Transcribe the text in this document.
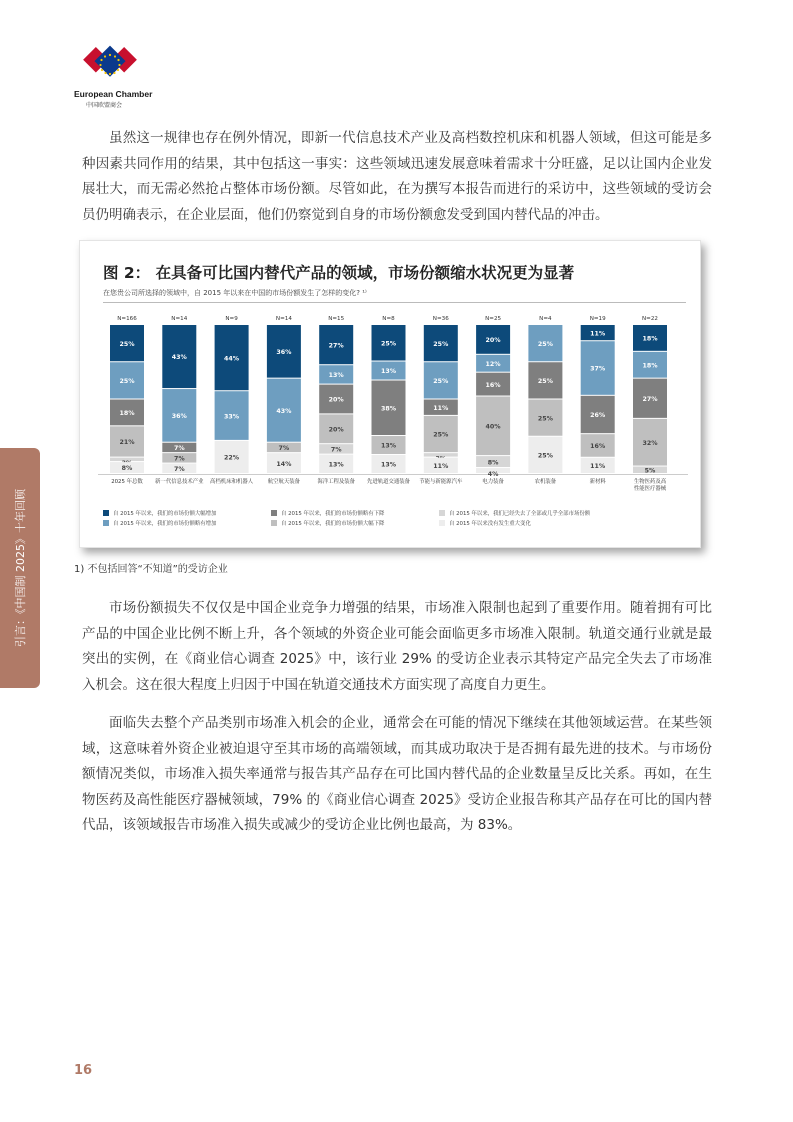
European Chamber
中国欧盟商会

虽然这一规律也存在例外情况，即新一代信息技术产业及高档数控机床和机器人领域，但这可能是多种因素共同作用的结果，其中包括这一事实：这些领域迅速发展意味着需求十分旺盛，足以让国内企业发展壮大，而无需必然抢占整体市场份额。尽管如此，在为撰写本报告而进行的采访中，这些领域的受访会员仍明确表示，在企业层面，他们仍察觉到自身的市场份额愈发受到国内替代品的冲击。

图 2： 在具备可比国内替代产品的领域，市场份额缩水状况更为显著
在您贵公司所选择的领域中，自 2015 年以来在中国的市场份额发生了怎样的变化? ¹⁾
25%
25%
18%
21%
8%
N=166
2025 年总数
43%
36%
7%
7%
7%
N=14
新一代信息技术产业
44%
33%
22%
N=9
高档机床和机器人
36%
43%
7%
14%
N=14
航空航天装备
27%
13%
20%
20%
7%
13%
N=15
海洋工程及装备
25%
13%
38%
13%
13%
N=8
先进轨道交通装备
25%
25%
11%
25%
11%
N=36
节能与新能源汽车
20%
12%
16%
40%
8%
4%
N=25
电力装备
25%
25%
25%
25%
N=4
农机装备
11%
37%
26%
16%
11%
N=19
新材料
18%
18%
27%
32%
5%
N=22
生物医药及高
性能医疗器械
自 2015 年以来，我们的市场份额大幅增加
自 2015 年以来，我们的市场份额略有增加
自 2015 年以来，我们的市场份额略有下降
自 2015 年以来，我们的市场份额大幅下降
自 2015 年以来，我们已经失去了全部或几乎全部市场份额
自 2015 年以来没有发生重大变化
1) 不包括回答“不知道”的受访企业

市场份额损失不仅仅是中国企业竞争力增强的结果，市场准入限制也起到了重要作用。随着拥有可比产品的中国企业比例不断上升，各个领域的外资企业可能会面临更多市场准入限制。轨道交通行业就是最突出的实例，在《商业信心调查 2025》中，该行业 29% 的受访企业表示其特定产品完全失去了市场准入机会。这在很大程度上归因于中国在轨道交通技术方面实现了高度自力更生。

面临失去整个产品类别市场准入机会的企业，通常会在可能的情况下继续在其他领域运营。在某些领域，这意味着外资企业被迫退守至其市场的高端领域，而其成功取决于是否拥有最先进的技术。与市场份额情况类似，市场准入损失率通常与报告其产品存在可比国内替代品的企业数量呈反比关系。再如，在生物医药及高性能医疗器械领域，79% 的《商业信心调查 2025》受访企业报告称其产品存在可比的国内替代品，该领域报告市场准入损失或减少的受访企业比例也最高，为 83%。

引言：《中国制 2025》十年回顾
16
